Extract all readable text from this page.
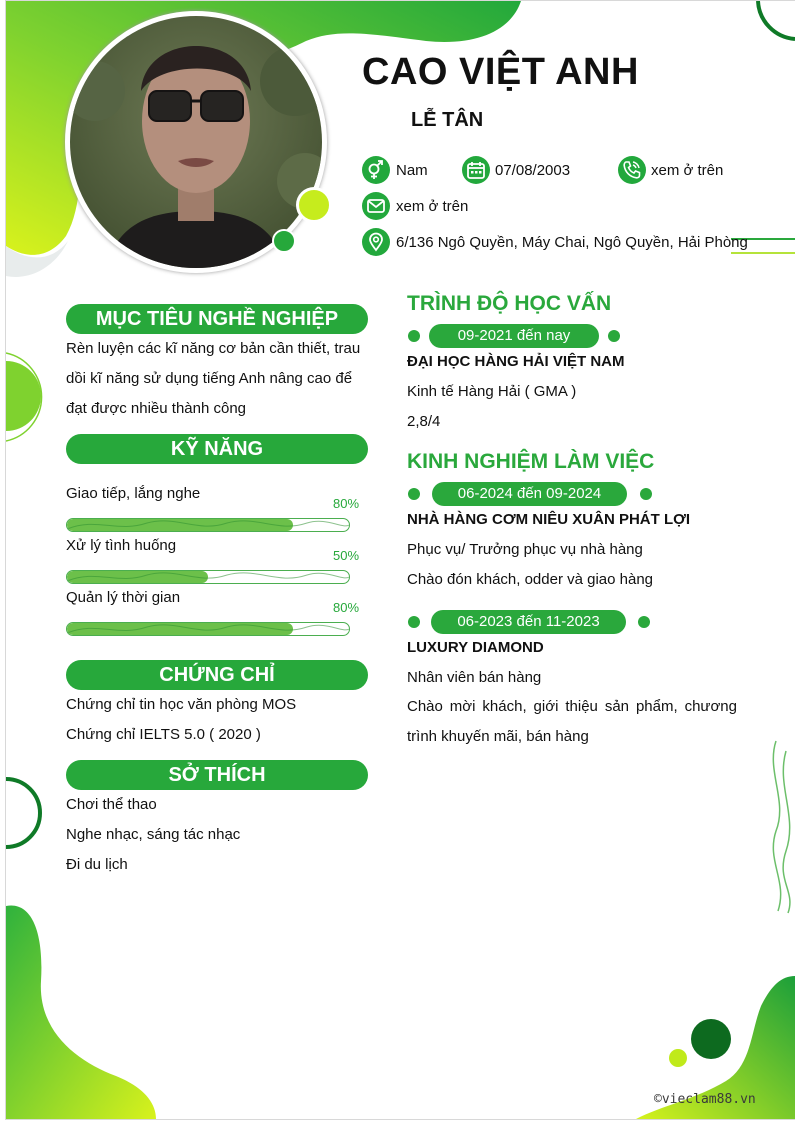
CAO VIỆT ANH
LỄ TÂN
Nam	07/08/2003	xem ở trên
xem ở trên
6/136 Ngô Quyền, Máy Chai, Ngô Quyền, Hải Phòng
MỤC TIÊU NGHỀ NGHIỆP
Rèn luyện các kĩ năng cơ bản cần thiết, trau dồi kĩ năng sử dụng tiếng Anh nâng cao để đạt được nhiều thành công
KỸ NĂNG
Giao tiếp, lắng nghe
80%
Xử lý tình huống
50%
Quản lý thời gian
80%
CHỨNG CHỈ
Chứng chỉ tin học văn phòng MOS
Chứng chỉ IELTS 5.0 ( 2020 )
SỞ THÍCH
Chơi thể thao
Nghe nhạc, sáng tác nhạc
Đi du lịch
TRÌNH ĐỘ HỌC VẤN
09-2021 đến nay
ĐẠI HỌC HÀNG HẢI VIỆT NAM
Kinh tế Hàng Hải ( GMA )
2,8/4
KINH NGHIỆM LÀM VIỆC
06-2024 đến 09-2024
NHÀ HÀNG CƠM NIÊU XUÂN PHÁT LỢI
Phục vụ/ Trưởng phục vụ nhà hàng
Chào đón khách, odder và giao hàng
06-2023 đến 11-2023
LUXURY DIAMOND
Nhân viên bán hàng
Chào mời khách, giới thiệu sản phẩm, chương trình khuyến mãi, bán hàng
©vieclam88.vn
